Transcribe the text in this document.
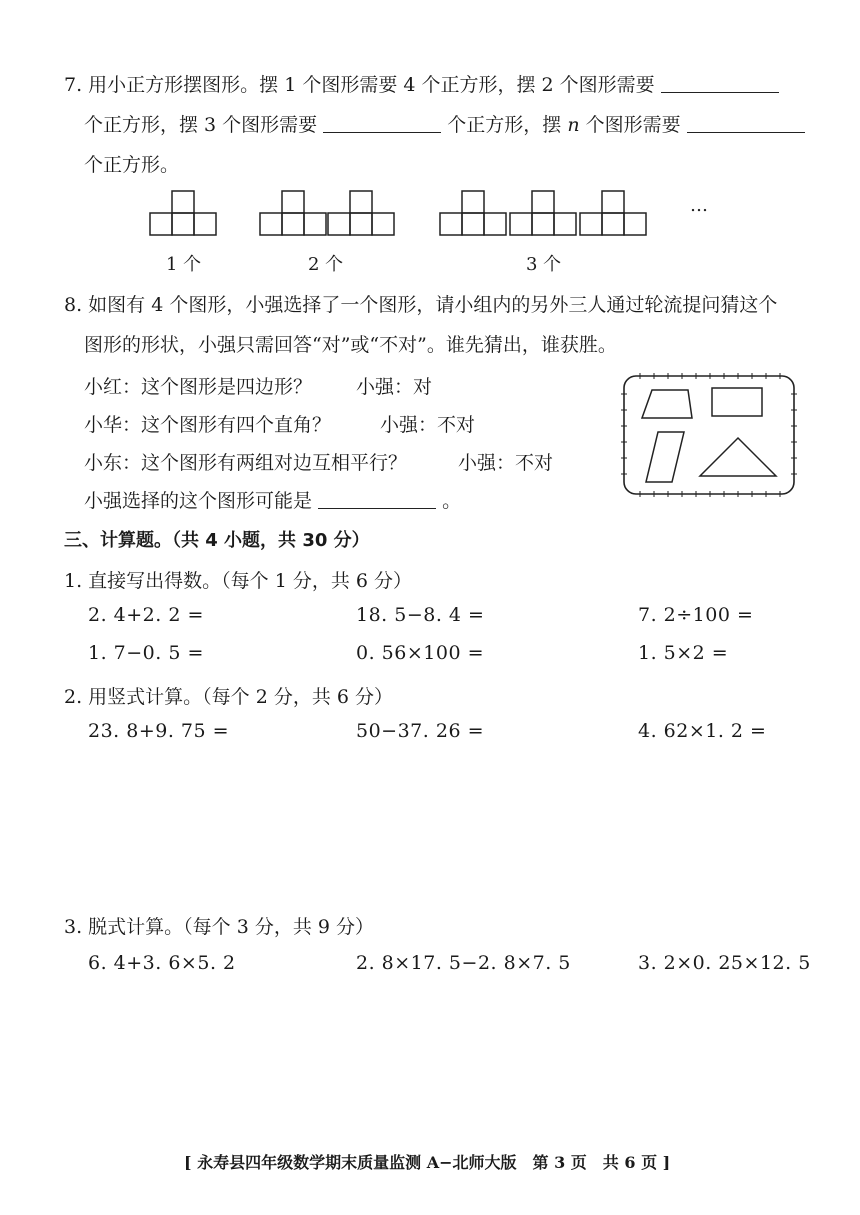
7. 用小正方形摆图形。摆 1 个图形需要 4 个正方形，摆 2 个图形需要
个正方形，摆 3 个图形需要	个正方形，摆 n 个图形需要
个正方形。
…
1 个	2 个	3 个
8. 如图有 4 个图形，小强选择了一个图形，请小组内的另外三人通过轮流提问猜这个
图形的形状，小强只需回答“对”或“不对”。谁先猜出，谁获胜。
小红：这个图形是四边形？ 小强：对
小华：这个图形有四个直角？	小强：不对
小东：这个图形有两组对边互相平行？	小强：不对
小强选择的这个图形可能是	。
三、计算题。（共 4 小题，共 30 分）
1. 直接写出得数。（每个 1 分，共 6 分）
2. 4+2. 2 =	18. 5−8. 4 =	7. 2÷100 =
1. 7−0. 5 =	0. 56×100 =	1. 5×2 =
2. 用竖式计算。（每个 2 分，共 6 分）
23. 8+9. 75 =	50−37. 26 =	4. 62×1. 2 =
3. 脱式计算。（每个 3 分，共 9 分）
6. 4+3. 6×5. 2	2. 8×17. 5−2. 8×7. 5	3. 2×0. 25×12. 5
[ 永寿县四年级数学期末质量监测 A−北师大版　第 3 页　共 6 页 ]
